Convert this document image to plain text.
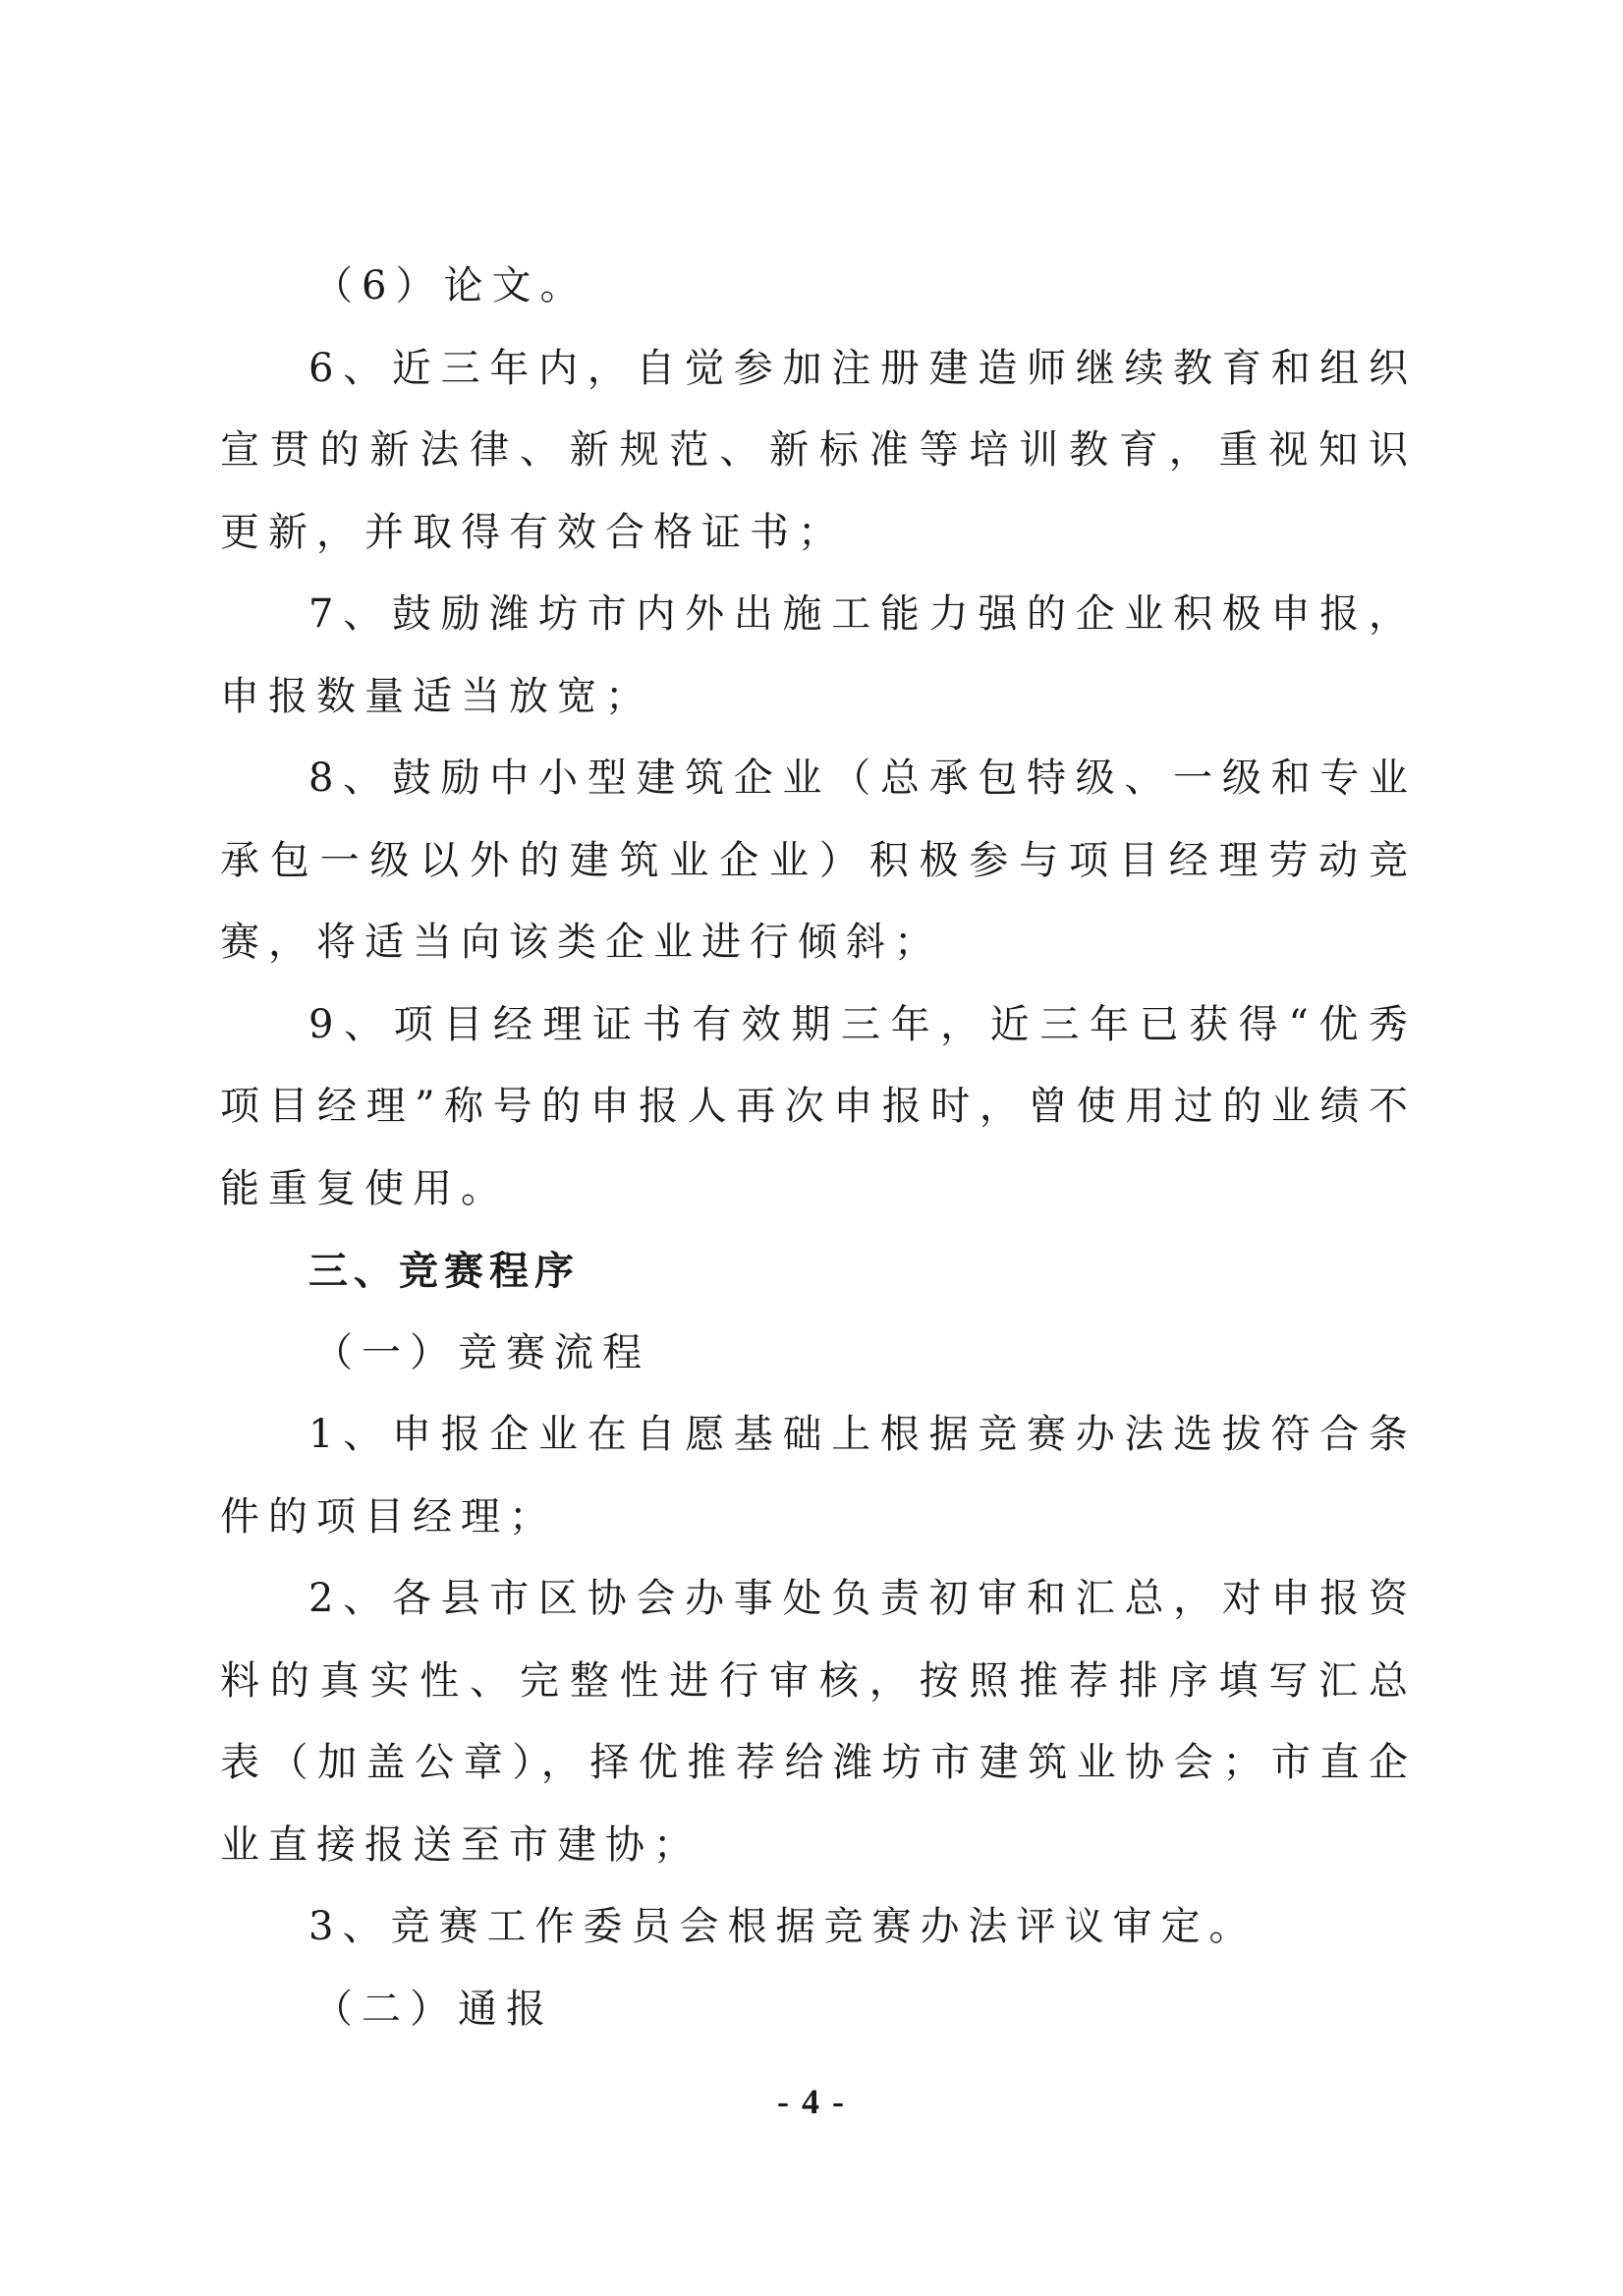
（6）论文。

6、近三年内，自觉参加注册建造师继续教育和组织宣贯的新法律、新规范、新标准等培训教育，重视知识更新，并取得有效合格证书；

7、鼓励潍坊市内外出施工能力强的企业积极申报，申报数量适当放宽；

8、鼓励中小型建筑企业（总承包特级、一级和专业承包一级以外的建筑业企业）积极参与项目经理劳动竞赛，将适当向该类企业进行倾斜；

9、项目经理证书有效期三年，近三年已获得“优秀项目经理”称号的申报人再次申报时，曾使用过的业绩不能重复使用。

三、竞赛程序

（一）竞赛流程

1、申报企业在自愿基础上根据竞赛办法选拔符合条件的项目经理；

2、各县市区协会办事处负责初审和汇总，对申报资料的真实性、完整性进行审核，按照推荐排序填写汇总表（加盖公章），择优推荐给潍坊市建筑业协会；市直企业直接报送至市建协；

3、竞赛工作委员会根据竞赛办法评议审定。

（二）通报

- 4 -
